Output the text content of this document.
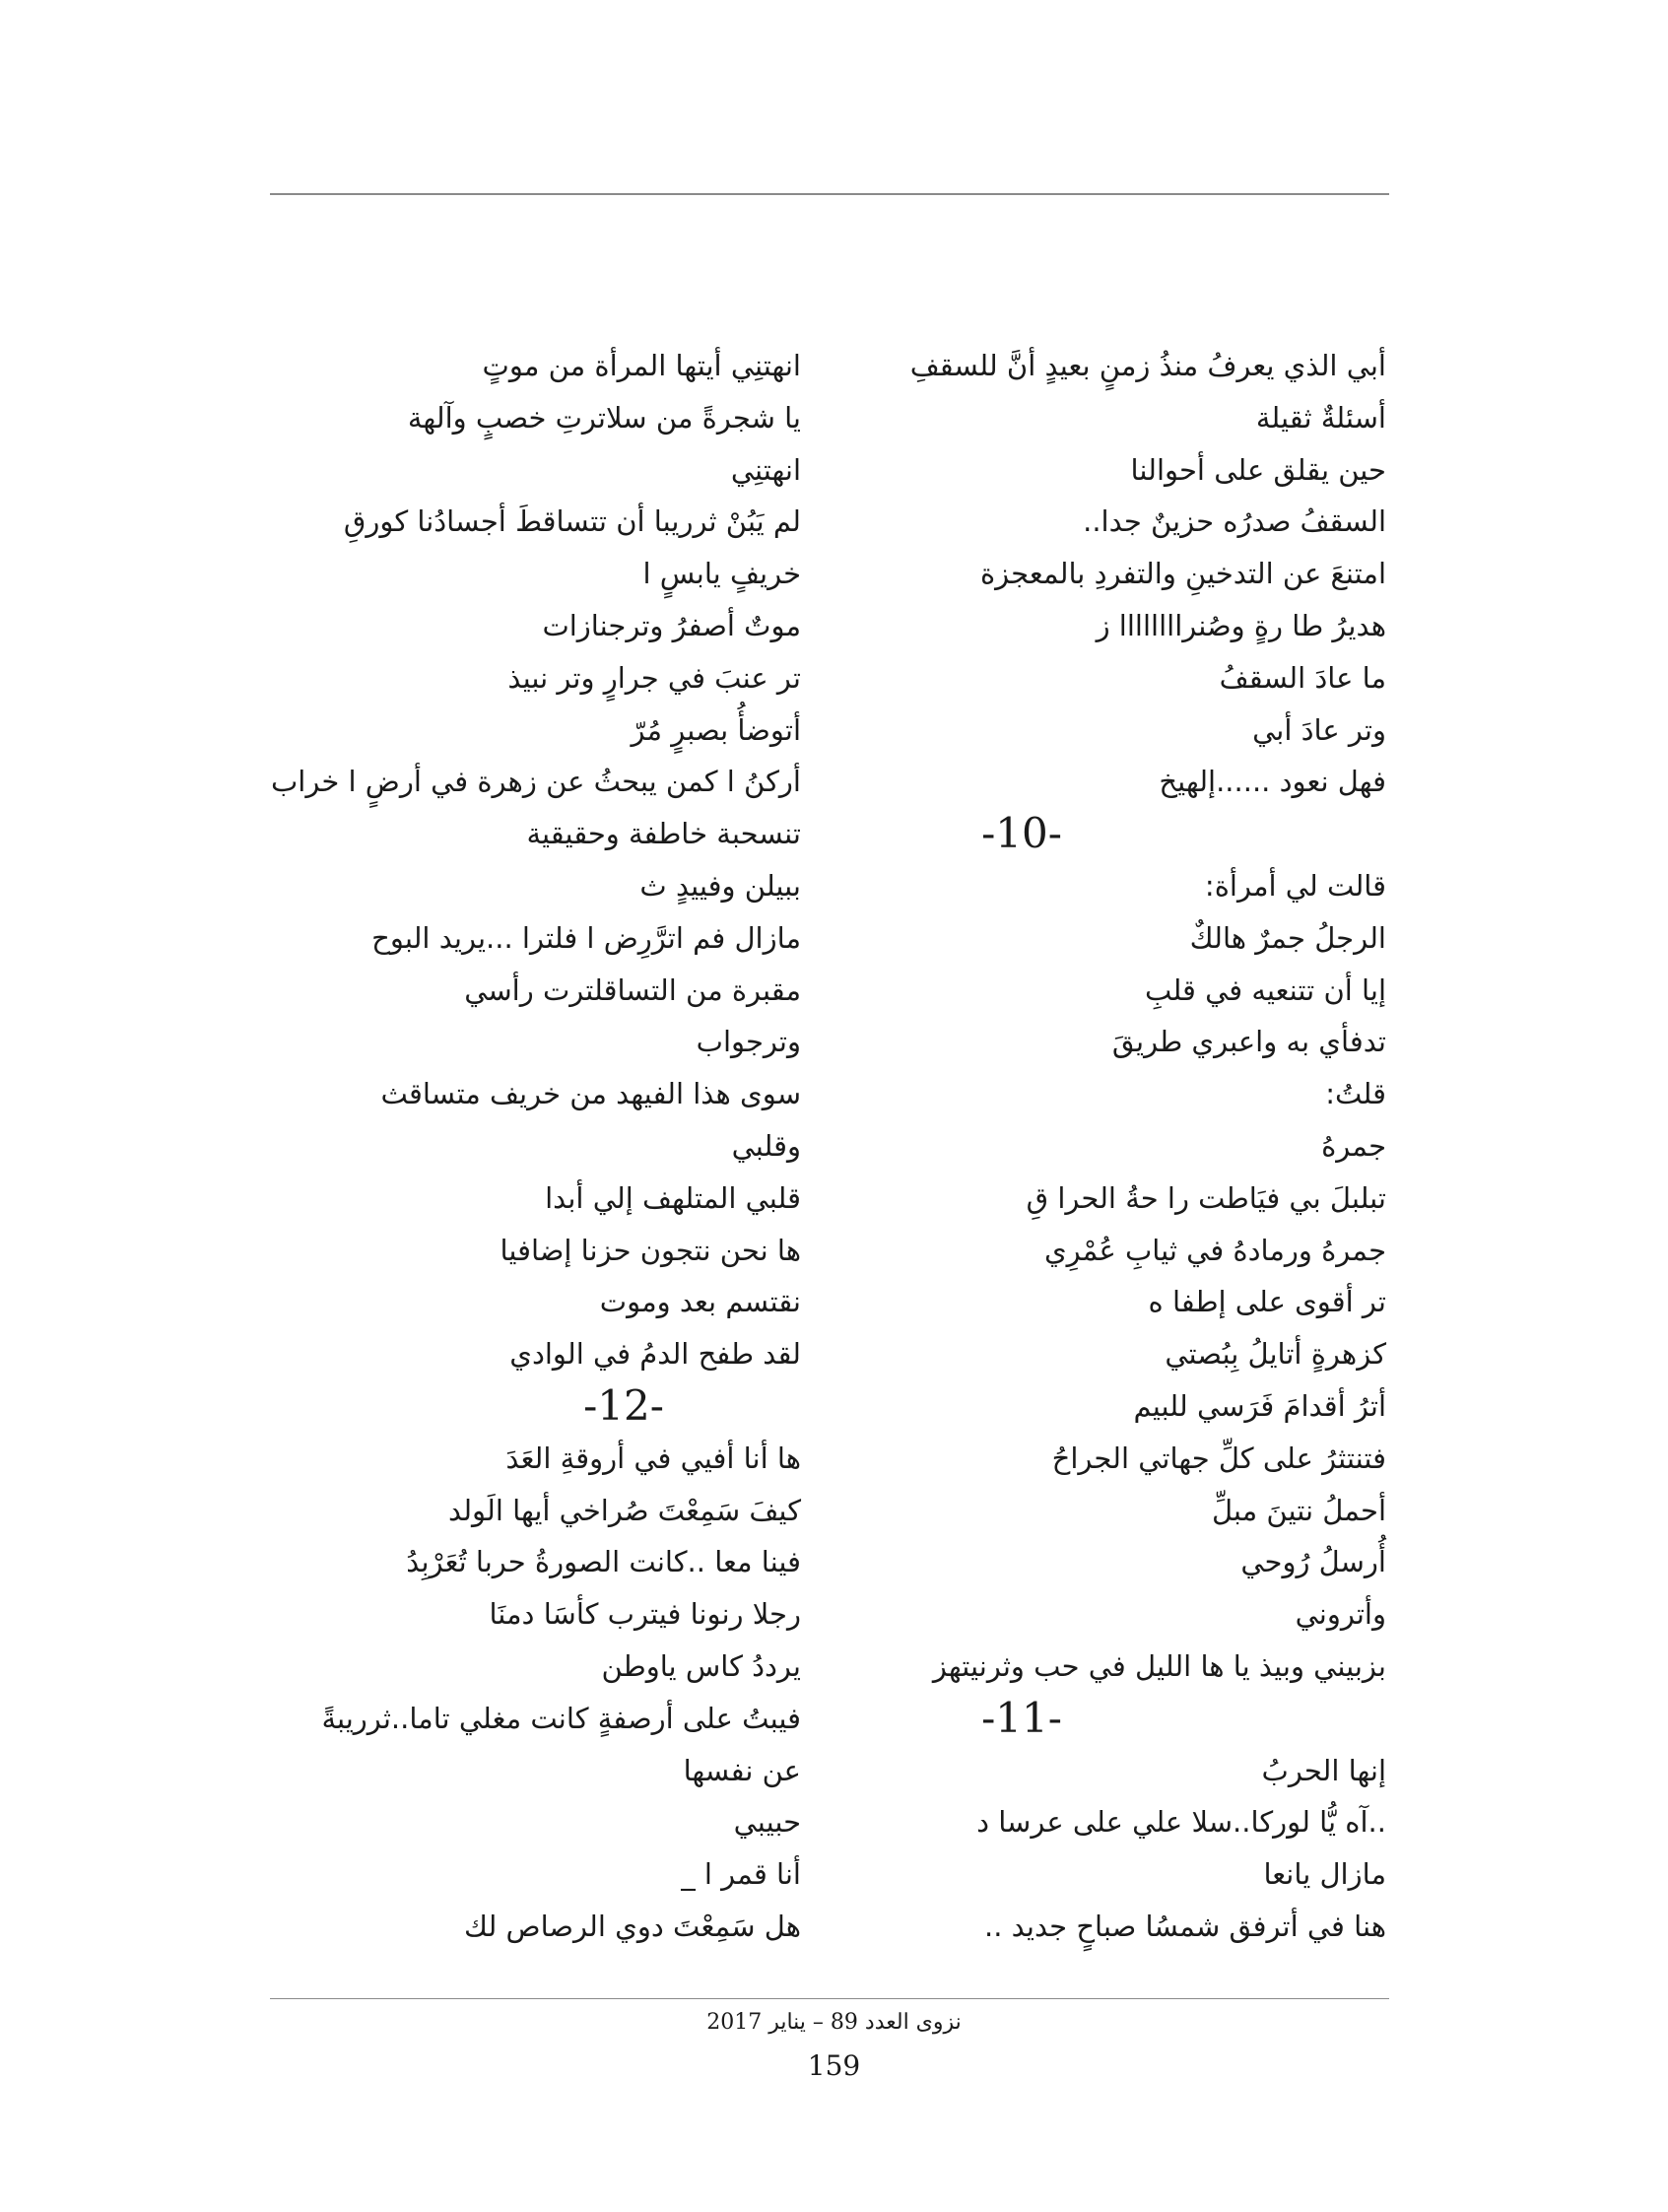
أبي الذي يعرفُ منذُ زمنٍ بعيدٍ أنَّ للسقفِ
أسئلةٌ ثقيلة
حين يقلق على أحوالنا
السقفُ صدرُه حزينٌ جدا..
امتنعَ عن التدخينِ والتفردِ بالمعجزة
هديرُ طا رةٍ وصُنراااااااا ز
ما عادَ السقفُ
وتر عادَ أبي
فهل نعود ......إلهيخ
-10-
قالت لي أمرأة:
الرجلُ جمرٌ هالكٌ
إيا أن تتنعيه في قلبِ
تدفأي به واعبري طريقَ
قلتُ:
جمرهُ
تبلبلَ بي فيَاطت را حةُ الحرا قِ
جمرهُ ورمادهُ في ثيابِ عُمْرِي
تر أقوى على إطفا ه
كزهرةٍ أتايلُ بِبُصتي
أترُ أقدامَ فَرَسي للبيم
فتنتثرُ على كلِّ جهاتي الجراحُ
أحملُ نتينَ مبلِّ
أُرسلُ رُوحي
وأتروني
بزبيني وبيذ يا ها الليل في حب وثرنيتهز
-11-
إنها الحربُ
..آه يُّا لوركا..سلا علي على عرسا د
مازال يانعا
هنا في أترفق شمسُا صباحٍ جديد ..
انهتنِي أيتها المرأة من موتٍ
يا شجرةً من سلاترتِ خصبٍ وآلهة
انهتنِي
لم يَبُنْ ثرريبا أن تتساقطَ أجسادُنا كورقِ
خريفٍ يابسٍ ا
موتٌ أصفرُ وترجنازات
تر عنبَ في جرارٍ وتر نبيذ
أتوضأُ بصبرٍ مُرّ
أركنُ ا كمن يبحثُ عن زهرة في أرضٍ ا خراب
تنسحبة خاطفة وحقيقية
ببيلن وفييدٍ ث
مازال فم اترَّرِض ا فلترا ...يريد البوح
مقبرة من التساقلترت رأسي
وترجواب
سوى هذا الفيهد من خريف متساقث
وقلبي
قلبي المتلهف إلي أبدا
ها نحن نتجون حزنا إضافيا
نقتسم بعد وموت
لقد طفح الدمُ في الوادي
-12-
ها أنا أفيي في أروقةِ العَدَ
كيفَ سَمِعْتَ صُراخي أيها الَولد
فينا معا ..كانت الصورةُ حربا تُعَرْبِدُ
رجلا رنونا فيترب كأسَا دمنَا
يرددُ كاس ياوطن
فيبتُ على أرصفةٍ كانت مغلي تاما..ثرريبةً
عن نفسها
حبيبي
أنا قمر ا _
هل سَمِعْتَ دوي الرصاص لك
نزوى العدد 89 – يناير 2017
159
